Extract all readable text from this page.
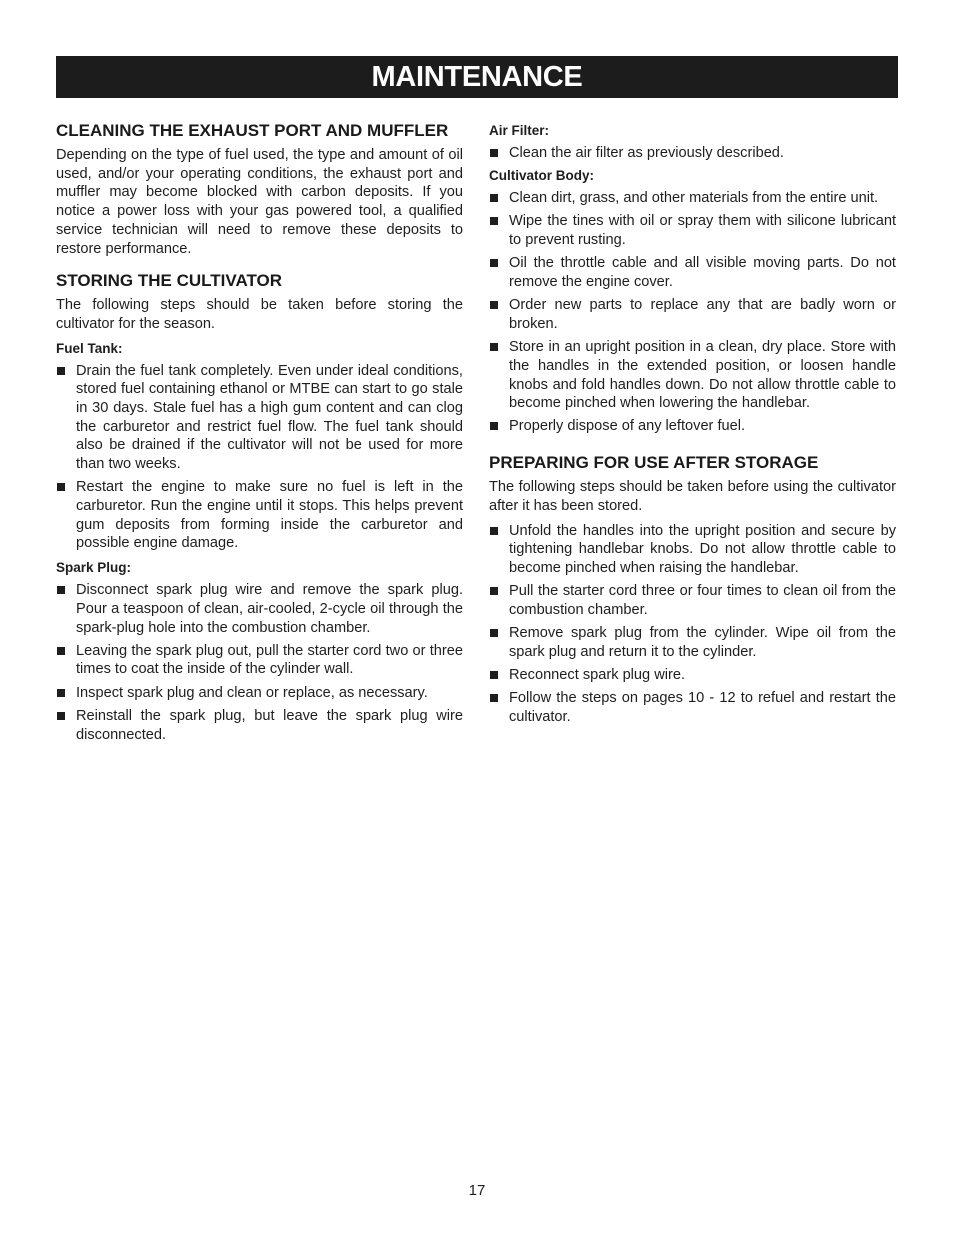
MAINTENANCE
CLEANING THE EXHAUST PORT AND MUFFLER

Depending on the type of fuel used, the type and amount of oil used, and/or your operating conditions, the exhaust port and muffler may become blocked with carbon deposits. If you notice a power loss with your gas powered tool, a qualified service technician will need to remove these deposits to restore performance.

STORING THE CULTIVATOR

The following steps should be taken before storing the cultivator for the season.

Fuel Tank:
Drain the fuel tank completely. Even under ideal conditions, stored fuel containing ethanol or MTBE can start to go stale in 30 days. Stale fuel has a high gum content and can clog the carburetor and restrict fuel flow. The fuel tank should also be drained if the cultivator will not be used for more than two weeks.
Restart the engine to make sure no fuel is left in the carburetor. Run the engine until it stops. This helps prevent gum deposits from forming inside the carburetor and possible engine damage.
Spark Plug:
Disconnect spark plug wire and remove the spark plug. Pour a teaspoon of clean, air-cooled, 2-cycle oil through the spark-plug hole into the combustion chamber.
Leaving the spark plug out, pull the starter cord two or three times to coat the inside of the cylinder wall.
Inspect spark plug and clean or replace, as necessary.
Reinstall the spark plug, but leave the spark plug wire disconnected.
Air Filter:
Clean the air filter as previously described.
Cultivator Body:
Clean dirt, grass, and other materials from the entire unit.
Wipe the tines with oil or spray them with silicone lubricant to prevent rusting.
Oil the throttle cable and all visible moving parts. Do not remove the engine cover.
Order new parts to replace any that are badly worn or broken.
Store in an upright position in a clean, dry place. Store with the handles in the extended position, or loosen handle knobs and fold handles down. Do not allow throttle cable to become pinched when lowering the handlebar.
Properly dispose of any leftover fuel.
PREPARING FOR USE AFTER STORAGE

The following steps should be taken before using the cultivator after it has been stored.

Unfold the handles into the upright position and secure by tightening handlebar knobs. Do not allow throttle cable to become pinched when raising the handlebar.
Pull the starter cord three or four times to clean oil from the combustion chamber.
Remove spark plug from the cylinder. Wipe oil from the spark plug and return it to the cylinder.
Reconnect spark plug wire.
Follow the steps on pages 10 - 12 to refuel and restart the cultivator.
17
